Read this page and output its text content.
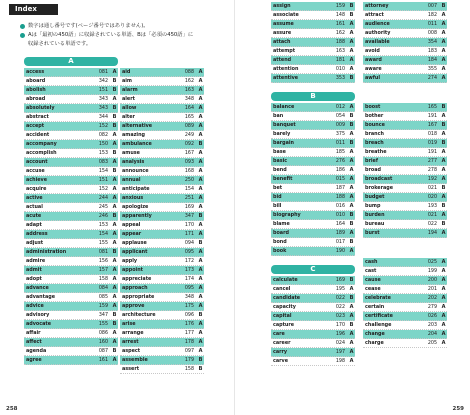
Index
数字は通し番号です(ページ番号ではありません)。
Aは「最初の450語」に収録されている単語、Bは「必須の450語」に
収録されている単語です。
A
access	081 A
aboard	342 B
abolish	151 B
abroad	343 A
absolutely	343 B
abstract	344 B
accept	152 B
accident	082 A
accompany	150 A
accomplish	153 B
account	083 A
accuse	154 B
achieve	151 A
acquire	152 A
active	244 A
actual	245 A
acute	246 B
adapt	153 A
address	154 A
adjust	155 A
administration	081 B
admire	156 A
admit	157 A
adopt	158 A
advance	084 A
advantage	085 A
advice	159 A
advisory	347 B
advocate	155 B
affair	086 A
affect	160 A
agenda	087 B
agree	161 A
aid	088 A
aim	162 A
alarm	163 A
alert	348 A
allow	164 A
alter	165 A
alternative	089 A
amazing	249 A
ambulance	092 B
amuse	167 A
analysis	093 A
announce	168 A
annual	250 A
anticipate	154 A
anxious	251 A
apologize	169 A
apparently	347 B
appeal	170 A
appear	171 A
applause	094 B
applicant	095 A
apply	172 A
appoint	173 A
appreciate	174 A
approach	095 A
appropriate	348 A
approve	175 A
architecture	096 B
arise	176 A
arrange	177 A
arrest	178 A
aspect	097 A
assemble	179 B
assert	158 B
258
assign	159 B
associate	148 B
assume	161 A
assure	162 A
attach	188 A
attempt	163 A
attend	181 A
attention	010 A
attentive	353 B
B
balance	012 A
ban	054 B
banquet	009 B
barely	375 A
bargain	011 B
base	185 A
basic	276 A
bend	186 A
benefit	015 A
bet	187 A
bid	188 A
bill	016 A
biography	010 B
blame	164 B
board	189 A
bond	017 B
book	190 A
C
calculate	169 B
cancel	195 A
candidate	022 B
capacity	022 A
capital	023 A
capture	170 B
care	196 A
career	024 A
carry	197 A
carve	198 A
attorney	007 B
attract	182 A
audience	011 A
authority	008 A
available	354 A
avoid	183 A
award	184 A
aware	355 A
awful	274 A
boost	165 B
bother	191 A
bounce	167 B
branch	018 A
breach	019 B
breathe	191 A
brief	277 A
broad	278 A
broadcast	192 A
brokerage	021 B
budget	020 A
bump	193 B
burden	021 A
bureau	022 B
burst	194 A
cash	025 A
cast	199 A
cause	200 A
cease	201 A
celebrate	202 A
certain	279 A
certificate	026 A
challenge	203 A
change	204 A
charge	205 A
259
